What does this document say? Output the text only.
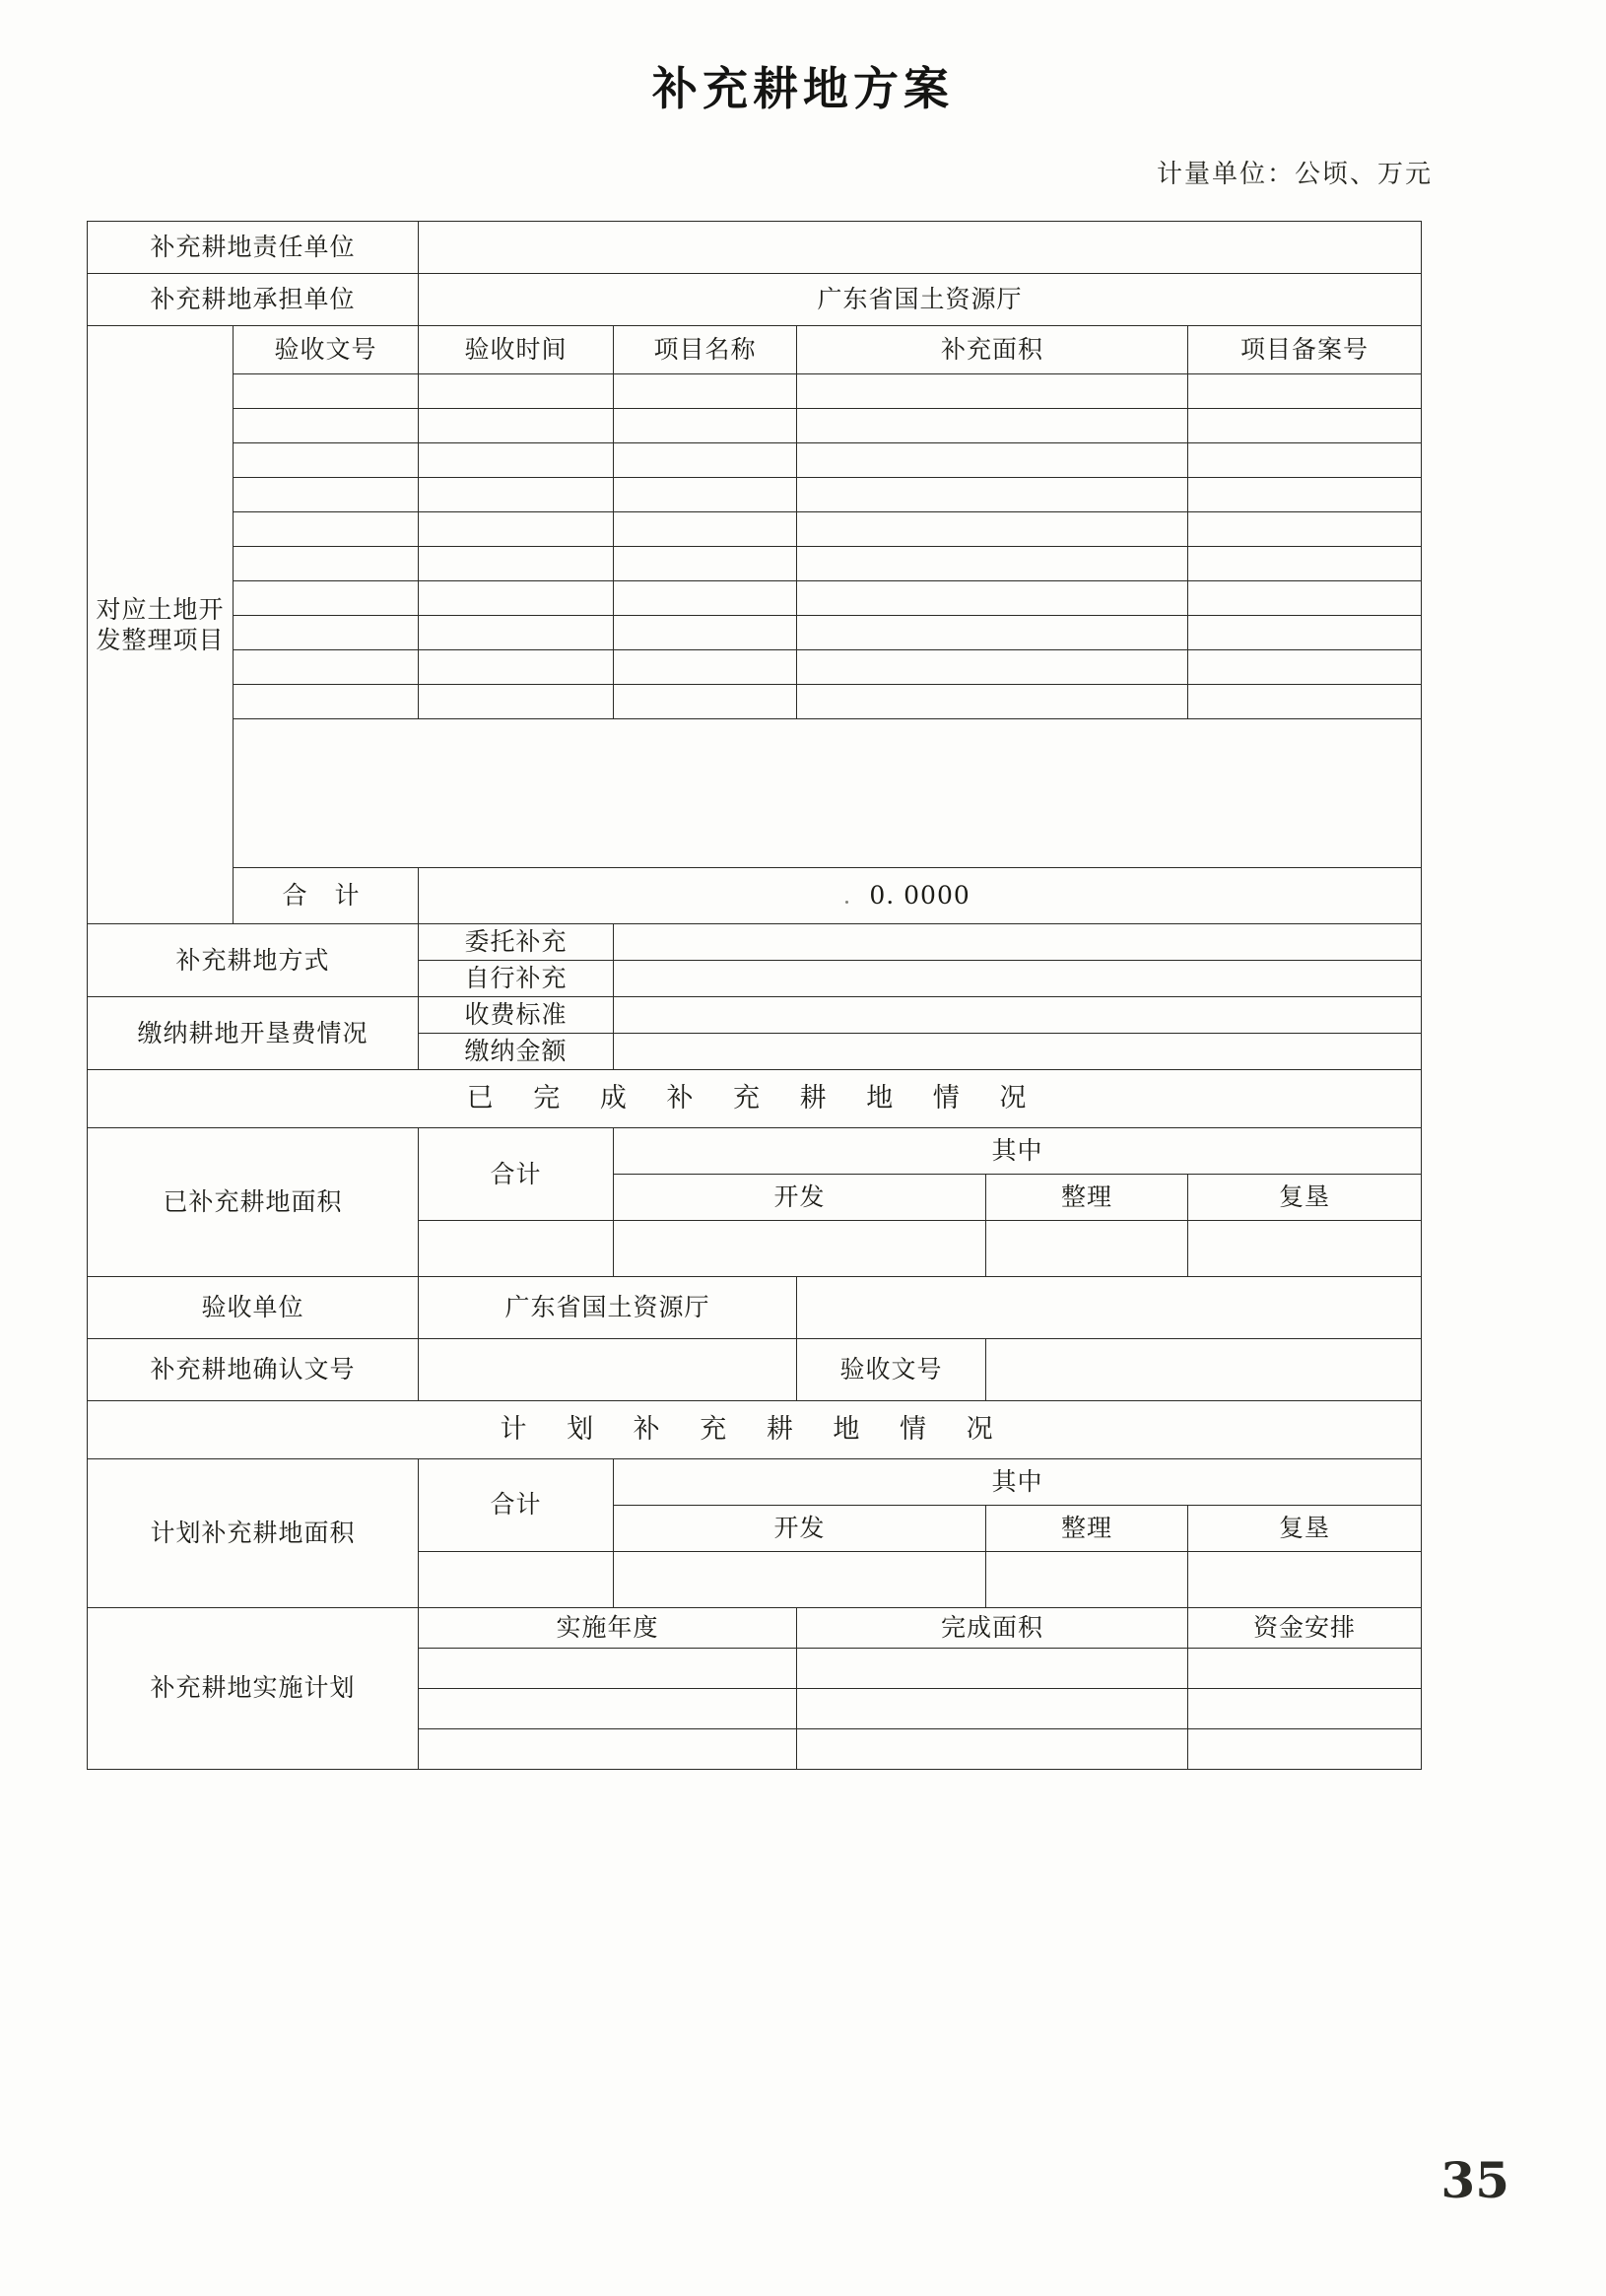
补充耕地方案
计量单位：公顷、万元
补充耕地责任单位						

补充耕地承担单位		广东省国土资源厅				

对应土地开发整理项目	验收文号	验收时间	项目名称	补充面积		项目备案号

	合 计	0. 0000				

补充耕地方式		委托补充				
		自行补充				

缴纳耕地开垦费情况		收费标准				
		缴纳金额				

已 完 成 补 充 耕 地 情 况						

已补充耕地面积		合计	其中			
			开发		整理	复垦

验收单位		广东省国土资源厅				

补充耕地确认文号				验收文号		

计 划 补 充 耕 地 情 况						

计划补充耕地面积		合计	其中			
			开发		整理	复垦

补充耕地实施计划		实施年度		完成面积		资金安排

35
